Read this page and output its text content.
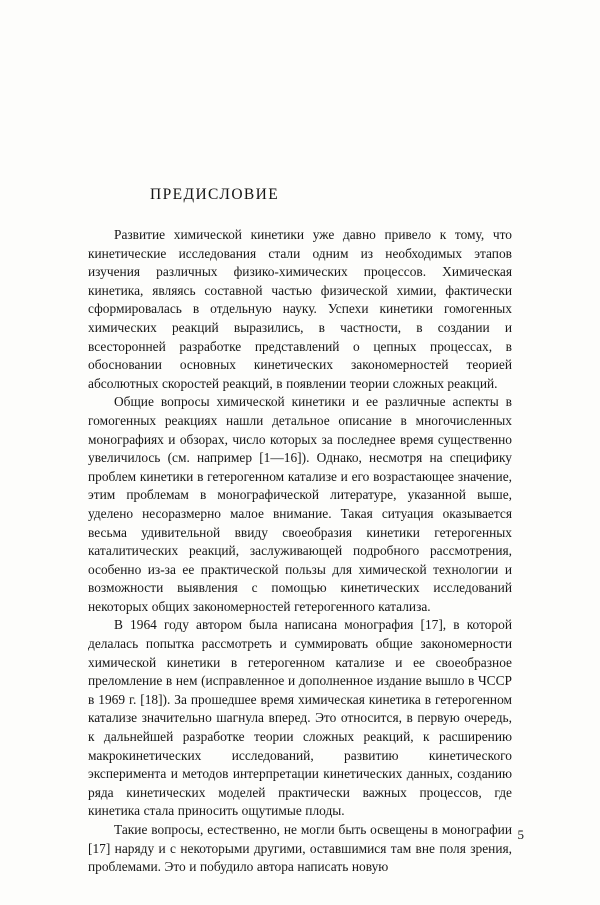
ПРЕДИСЛОВИЕ

Развитие химической кинетики уже давно привело к тому, что кинетические исследования стали одним из необходимых этапов изучения различных физико-химических процессов. Химическая кинетика, являясь составной частью физической химии, фактически сформировалась в отдельную науку. Успехи кинетики гомогенных химических реакций выразились, в частности, в создании и всесторонней разработке представлений о цепных процессах, в обосновании основных кинетических закономерностей теорией абсолютных скоростей реакций, в появлении теории сложных реакций.

Общие вопросы химической кинетики и ее различные аспекты в гомогенных реакциях нашли детальное описание в многочисленных монографиях и обзорах, число которых за последнее время существенно увеличилось (см. например [1—16]). Однако, несмотря на специфику проблем кинетики в гетерогенном катализе и его возрастающее значение, этим проблемам в монографической литературе, указанной выше, уделено несоразмерно малое внимание. Такая ситуация оказывается весьма удивительной ввиду своеобразия кинетики гетерогенных каталитических реакций, заслуживающей подробного рассмотрения, особенно из-за ее практической пользы для химической технологии и возможности выявления с помощью кинетических исследований некоторых общих закономерностей гетерогенного катализа.

В 1964 году автором была написана монография [17], в которой делалась попытка рассмотреть и суммировать общие закономерности химической кинетики в гетерогенном катализе и ее своеобразное преломление в нем (исправленное и дополненное издание вышло в ЧССР в 1969 г. [18]). За прошедшее время химическая кинетика в гетерогенном катализе значительно шагнула вперед. Это относится, в первую очередь, к дальнейшей разработке теории сложных реакций, к расширению макрокинетических исследований, развитию кинетического эксперимента и методов интерпретации кинетических данных, созданию ряда кинетических моделей практически важных процессов, где кинетика стала приносить ощутимые плоды.

Такие вопросы, естественно, не могли быть освещены в монографии [17] наряду и с некоторыми другими, оставшимися там вне поля зрения, проблемами. Это и побудило автора написать новую

5
